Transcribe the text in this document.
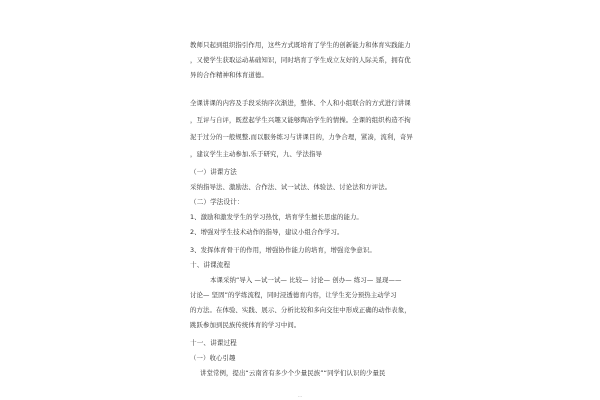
教师只起到组织指引作用，这些方式既培育了学生的创新能力和体育实践能力

，又使学生获取运动基础知识，同时培育了学生成立友好的人际关系，拥有优

异的合作精神和体育道德。

全课讲课的内容及手段采纳序次渐进，整体、个人和小组联合的方式进行讲课

，互评与自评，既惹起学生兴趣又能够陶冶学生的情操。全课的组织构造不拘

泥于过分的一般规整,而以服务练习与讲课目的，力争合理，紧凑，流利，奇异

，建议学生主动参加,乐于研究，九、学法指导

（一）讲课方法

采纳指导法、激励法、合作法、试一试法、体验法、讨论法和方评法。

（二）学法设计：

1、激励和激发学生的学习热忱，培育学生擅长思虑的能力。

2、增强对学生技术动作的指导，建议小组合作学习。

3、发挥体育骨干的作用，增强协作能力的培育，增强竞争意识。

十、讲课流程

本课采纳“导入 —试一试— 比较— 讨论— 创办— 练习— 显现——

讨论— 坚固”的学练流程，同时浸透德育内容，让学生充分预热主动学习

的方法。在体验、实践、展示、分析比较和多向交往中形成正确的动作表象，

跳跃参加到民族传统体育的学习中间。

十一、讲课过程

（一）收心引趣

讲堂常例，提出“云南省有多少个少量民族”“同学们认识的少量民

...
